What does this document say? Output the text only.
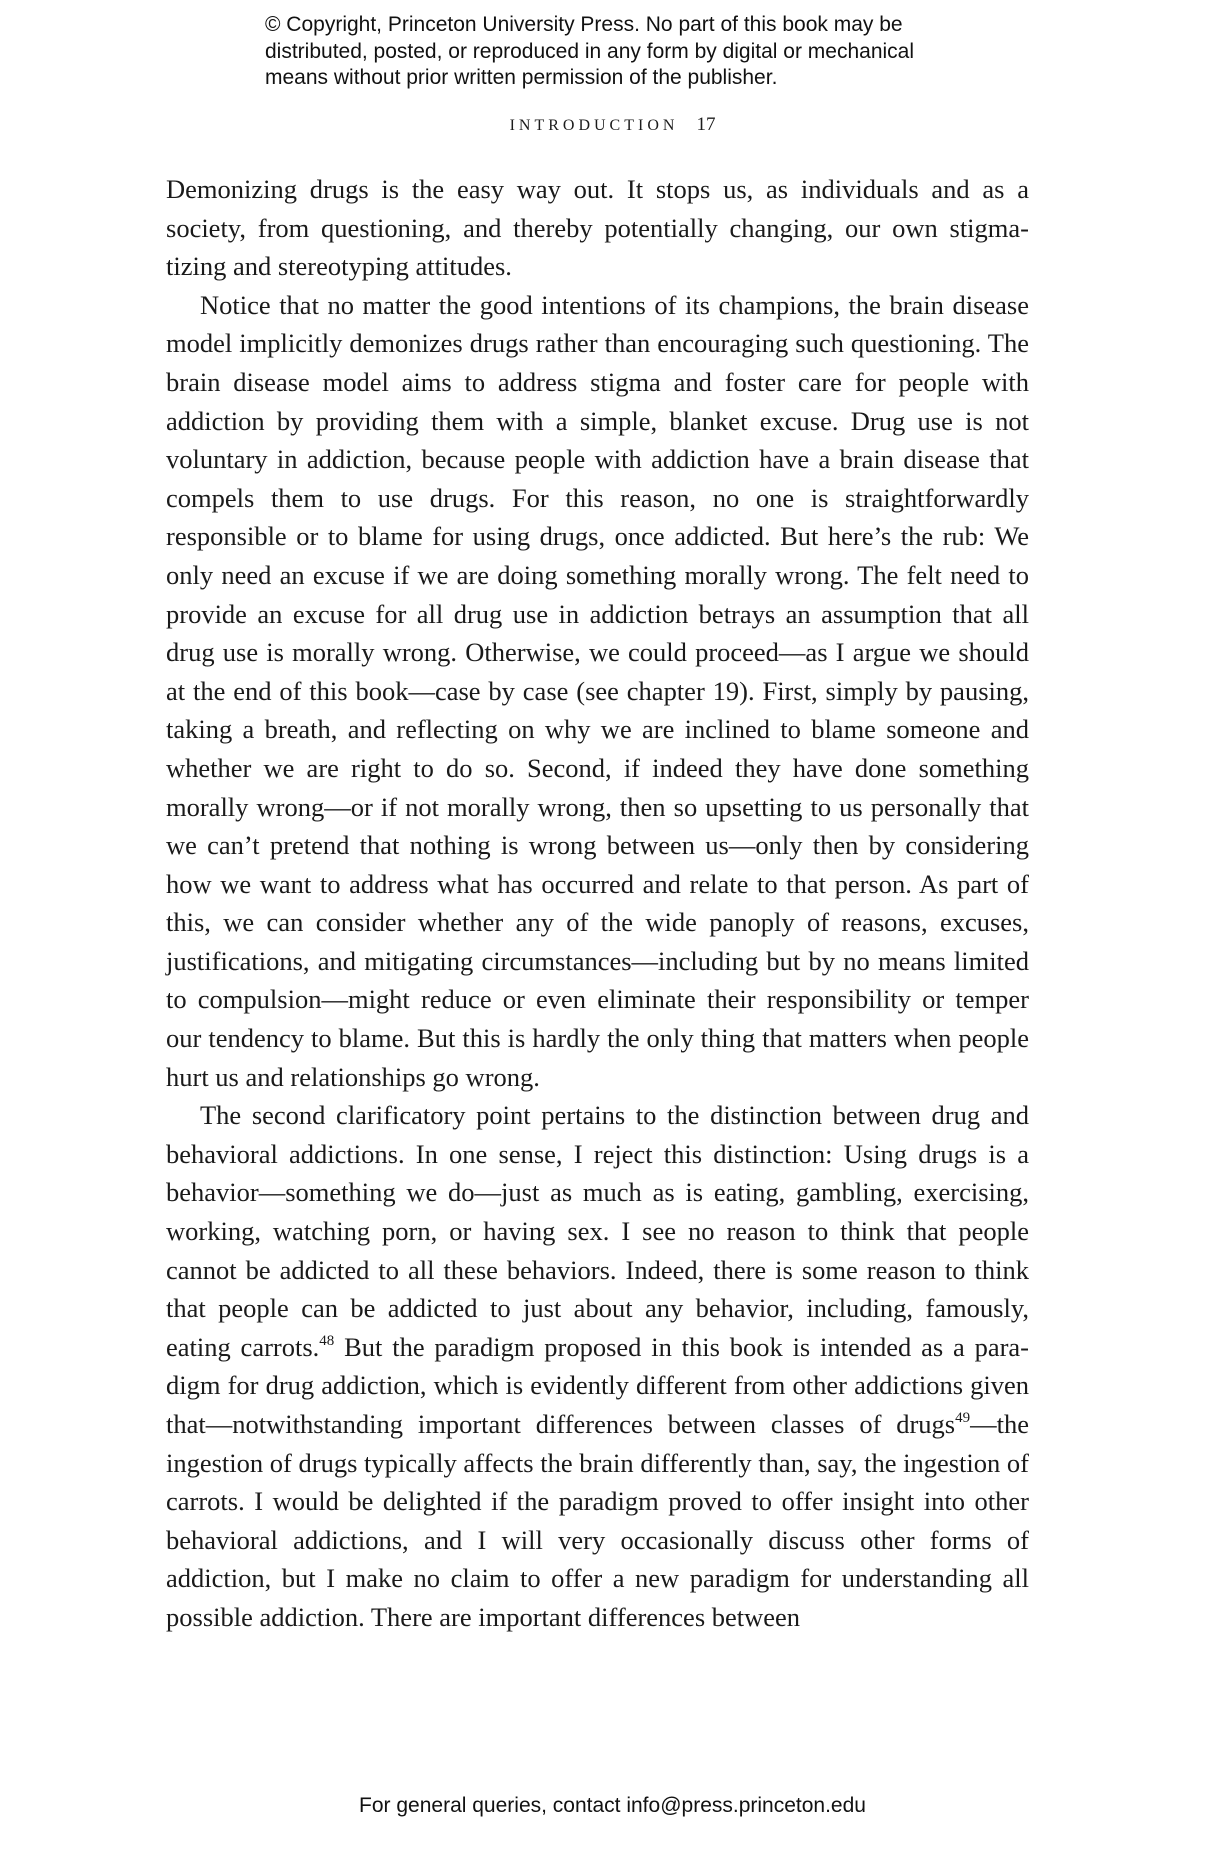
© Copyright, Princeton University Press. No part of this book may be
distributed, posted, or reproduced in any form by digital or mechanical
means without prior written permission of the publisher.
INTRODUCTION 17

Demonizing drugs is the easy way out. It stops us, as individuals and as a society, from questioning, and thereby potentially changing, our own stigmatizing and stereotyping attitudes.

Notice that no matter the good intentions of its champions, the brain disease model implicitly demonizes drugs rather than encouraging such questioning. The brain disease model aims to address stigma and foster care for people with addiction by providing them with a simple, blanket excuse. Drug use is not voluntary in addiction, because people with addiction have a brain disease that compels them to use drugs. For this reason, no one is straightforwardly responsible or to blame for using drugs, once addicted. But here’s the rub: We only need an excuse if we are doing something morally wrong. The felt need to provide an excuse for all drug use in addiction betrays an assumption that all drug use is morally wrong. Otherwise, we could proceed—as I argue we should at the end of this book—case by case (see chapter 19). First, simply by pausing, taking a breath, and reflecting on why we are inclined to blame someone and whether we are right to do so. Second, if indeed they have done something morally wrong—or if not morally wrong, then so upsetting to us personally that we can’t pretend that nothing is wrong between us—only then by considering how we want to address what has occurred and relate to that person. As part of this, we can consider whether any of the wide panoply of reasons, excuses, justifications, and mitigating circumstances—including but by no means limited to compulsion—might reduce or even eliminate their responsibility or temper our tendency to blame. But this is hardly the only thing that matters when people hurt us and relationships go wrong.

The second clarificatory point pertains to the distinction between drug and behavioral addictions. In one sense, I reject this distinction: Using drugs is a behavior—something we do—just as much as is eating, gambling, exercising, working, watching porn, or having sex. I see no reason to think that people cannot be addicted to all these behaviors. Indeed, there is some reason to think that people can be addicted to just about any behavior, including, famously, eating carrots.$^{48}$ But the paradigm proposed in this book is intended as a paradigm for drug addiction, which is evidently different from other addictions given that—notwithstanding important differences between classes of drugs$^{49}$—the ingestion of drugs typically affects the brain differently than, say, the ingestion of carrots. I would be delighted if the paradigm proved to offer insight into other behavioral addictions, and I will very occasionally discuss other forms of addiction, but I make no claim to offer a new paradigm for understanding all possible addiction. There are important differences between

For general queries, contact info@press.princeton.edu
